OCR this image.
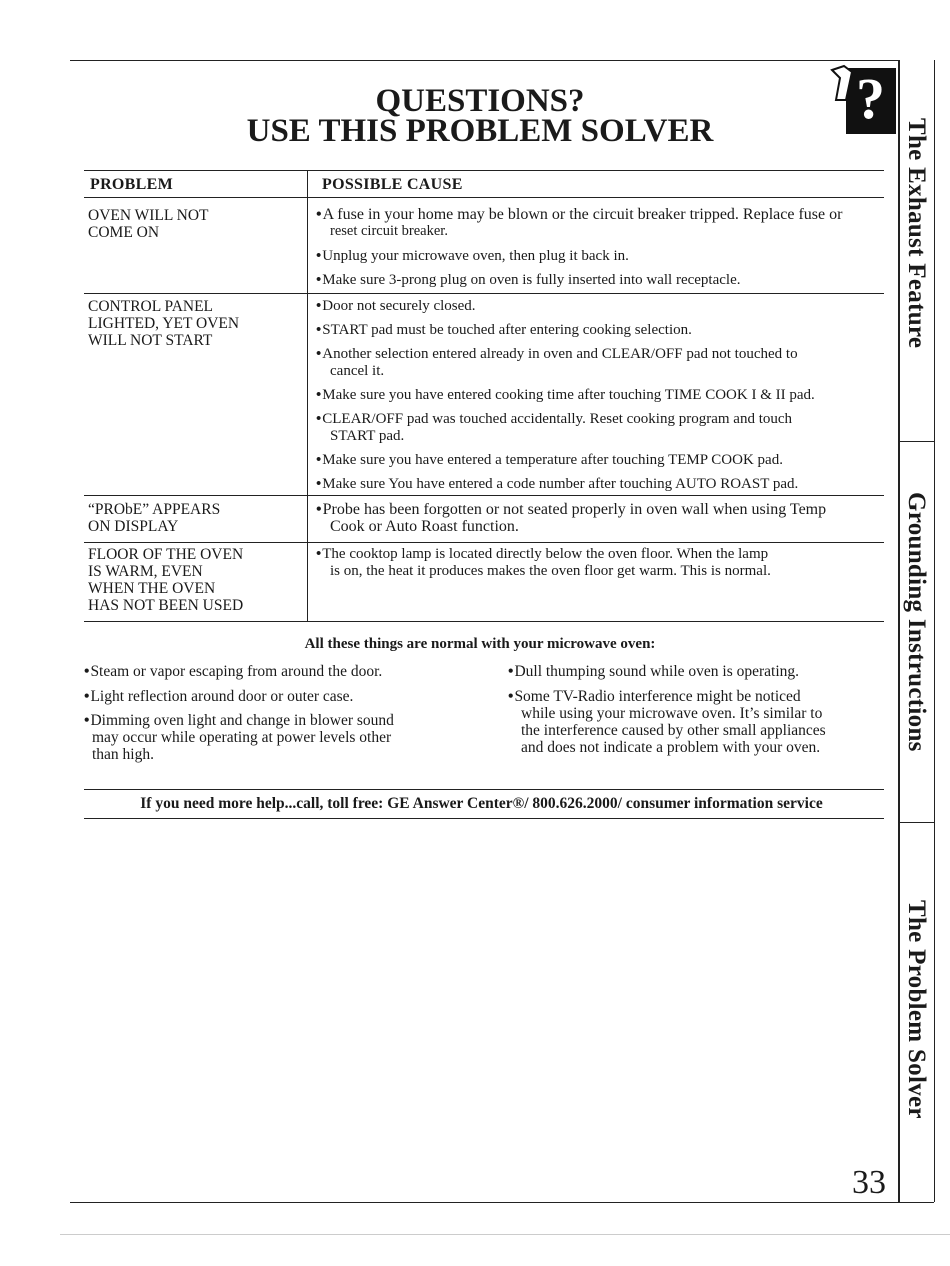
?
QUESTIONS?
USE THIS PROBLEM SOLVER
PROBLEM	POSSIBLE CAUSE
OVEN WILL NOT
COME ON
•A fuse in your home may be blown or the circuit breaker tripped. Replace fuse or
reset circuit breaker.
•Unplug your microwave oven, then plug it back in.
•Make sure 3-prong plug on oven is fully inserted into wall receptacle.
CONTROL PANEL
LIGHTED, YET OVEN
WILL NOT START
•Door not securely closed.
•START pad must be touched after entering cooking selection.
•Another selection entered already in oven and CLEAR/OFF pad not touched to
cancel it.
•Make sure you have entered cooking time after touching TIME COOK I & II pad.
•CLEAR/OFF pad was touched accidentally. Reset cooking program and touch
START pad.
•Make sure you have entered a temperature after touching TEMP COOK pad.
•Make sure You have entered a code number after touching AUTO ROAST pad.
“PRObE” APPEARS
ON DISPLAY
•Probe has been forgotten or not seated properly in oven wall when using Temp
Cook or Auto Roast function.
FLOOR OF THE OVEN
IS WARM, EVEN
WHEN THE OVEN
HAS NOT BEEN USED
•The cooktop lamp is located directly below the oven floor. When the lamp
is on, the heat it produces makes the oven floor get warm. This is normal.
All these things are normal with your microwave oven:
•Steam or vapor escaping from around the door.
•Light reflection around door or outer case.
•Dimming oven light and change in blower sound
may occur while operating at power levels other
than high.
•Dull thumping sound while oven is operating.
•Some TV-Radio interference might be noticed
while using your microwave oven. It’s similar to
the interference caused by other small appliances
and does not indicate a problem with your oven.
If you need more help...call, toll free: GE Answer Center®/ 800.626.2000/ consumer information service
The Exhaust Feature
Grounding Instructions
The Problem Solver
33
